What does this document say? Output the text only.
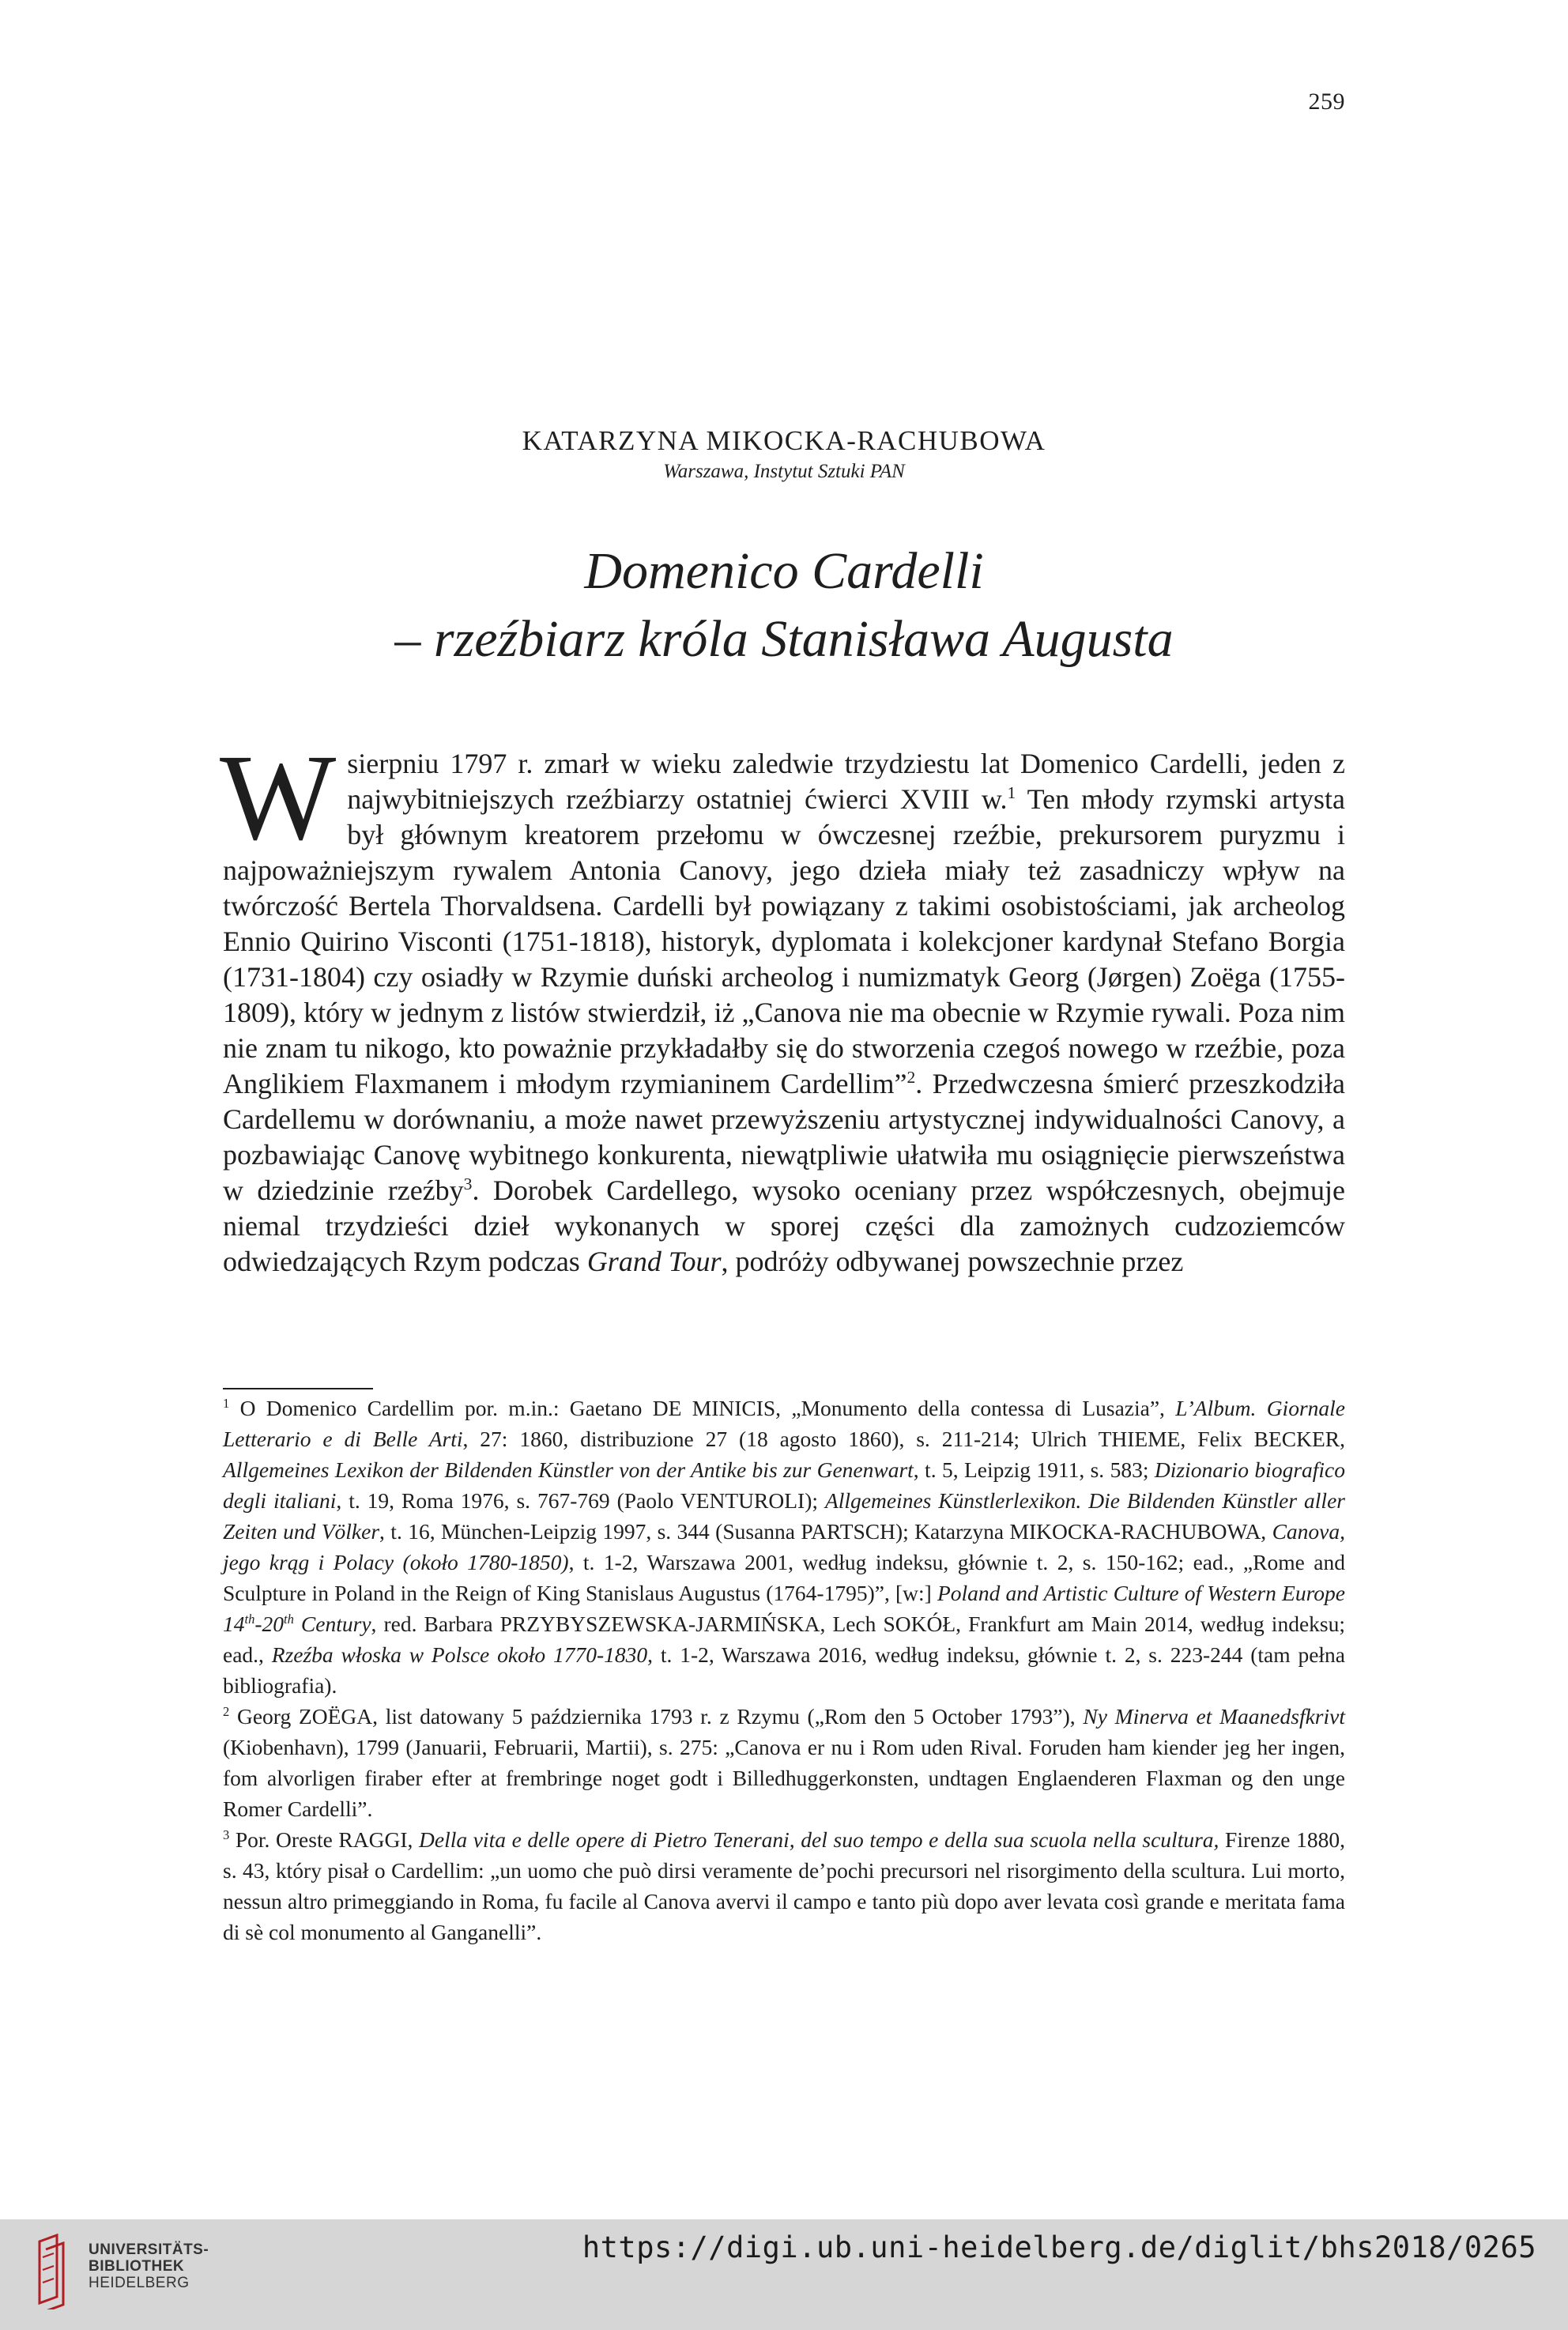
259

KATARZYNA MIKOCKA-RACHUBOWA

Warszawa, Instytut Sztuki PAN

Domenico Cardelli
– rzeźbiarz króla Stanisława Augusta

W sierpniu 1797 r. zmarł w wieku zaledwie trzydziestu lat Domenico Cardelli, jeden z najwybitniejszych rzeźbiarzy ostatniej ćwierci XVIII w.$^1$ Ten młody rzymski artysta był głównym kreatorem przełomu w ówczesnej rzeźbie, prekursorem puryzmu i najpoważniejszym rywalem Antonia Canovy, jego dzieła miały też zasadniczy wpływ na twórczość Bertela Thorvaldsena. Cardelli był powiązany z takimi osobistościami, jak archeolog Ennio Quirino Visconti (1751-1818), historyk, dyplomata i kolekcjoner kardynał Stefano Borgia (1731-1804) czy osiadły w Rzymie duński archeolog i numizmatyk Georg (Jørgen) Zoëga (1755-1809), który w jednym z listów stwierdził, iż „Canova nie ma obecnie w Rzymie rywali. Poza nim nie znam tu nikogo, kto poważnie przykładałby się do stworzenia czegoś nowego w rzeźbie, poza Anglikiem Flaxmanem i młodym rzymianinem Cardellim”$^2$. Przedwczesna śmierć przeszkodziła Cardellemu w dorównaniu, a może nawet przewyższeniu artystycznej indywidualności Canovy, a pozbawiając Canovę wybitnego konkurenta, niewątpliwie ułatwiła mu osiągnięcie pierwszeństwa w dziedzinie rzeźby$^3$. Dorobek Cardellego, wysoko oceniany przez współczesnych, obejmuje niemal trzydzieści dzieł wykonanych w sporej części dla zamożnych cudzoziemców odwiedzających Rzym podczas Grand Tour, podróży odbywanej powszechnie przez

$^1$ O Domenico Cardellim por. m.in.: Gaetano DE MINICIS, „Monumento della contessa di Lusazia”, L’Album. Giornale Letterario e di Belle Arti, 27: 1860, distribuzione 27 (18 agosto 1860), s. 211-214; Ulrich THIEME, Felix BECKER, Allgemeines Lexikon der Bildenden Künstler von der Antike bis zur Genenwart, t. 5, Leipzig 1911, s. 583; Dizionario biografico degli italiani, t. 19, Roma 1976, s. 767-769 (Paolo VENTUROLI); Allgemeines Künstlerlexikon. Die Bildenden Künstler aller Zeiten und Völker, t. 16, München-Leipzig 1997, s. 344 (Susanna PARTSCH); Katarzyna MIKOCKA-RACHUBOWA, Canova, jego krąg i Polacy (około 1780-1850), t. 1-2, Warszawa 2001, według indeksu, głównie t. 2, s. 150-162; ead., „Rome and Sculpture in Poland in the Reign of King Stanislaus Augustus (1764-1795)”, [w:] Poland and Artistic Culture of Western Europe 14th-20th Century, red. Barbara PRZYBYSZEWSKA-JARMIŃSKA, Lech SOKÓŁ, Frankfurt am Main 2014, według indeksu; ead., Rzeźba włoska w Polsce około 1770-1830, t. 1-2, Warszawa 2016, według indeksu, głównie t. 2, s. 223-244 (tam pełna bibliografia).

$^2$ Georg ZOËGA, list datowany 5 października 1793 r. z Rzymu („Rom den 5 October 1793”), Ny Minerva et Maanedsfkrivt (Kiobenhavn), 1799 (Januarii, Februarii, Martii), s. 275: „Canova er nu i Rom uden Rival. Foruden ham kiender jeg her ingen, fom alvorligen firaber efter at frembringe noget godt i Billedhuggerkonsten, undtagen Englaenderen Flaxman og den unge Romer Cardelli”.

$^3$ Por. Oreste RAGGI, Della vita e delle opere di Pietro Tenerani, del suo tempo e della sua scuola nella scultura, Firenze 1880, s. 43, który pisał o Cardellim: „un uomo che può dirsi veramente de’pochi precursori nel risorgimento della scultura. Lui morto, nessun altro primeggiando in Roma, fu facile al Canova avervi il campo e tanto più dopo aver levata così grande e meritata fama di sè col monumento al Ganganelli”.

UNIVERSITÄTS-
BIBLIOTHEK
HEIDELBERG
https://digi.ub.uni-heidelberg.de/diglit/bhs2018/0265
